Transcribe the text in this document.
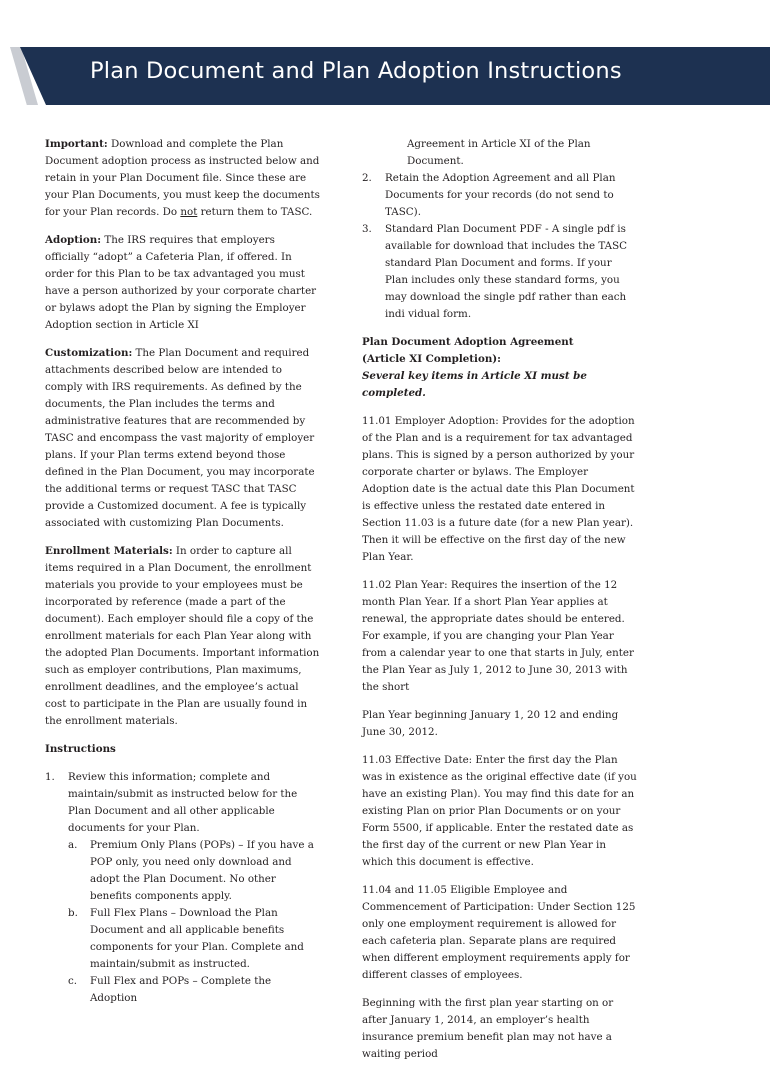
Plan Document and Plan Adoption Instructions

Important: Download and complete the Plan Document adoption process as instructed below and retain in your Plan Document file. Since these are your Plan Documents, you must keep the documents for your Plan records. Do not return them to TASC.

Adoption: The IRS requires that employers officially “adopt” a Cafeteria Plan, if offered. In order for this Plan to be tax advantaged you must have a person authorized by your corporate charter or bylaws adopt the Plan by signing the Employer Adoption section in Article XI

Customization: The Plan Document and required attachments described below are intended to comply with IRS requirements. As defined by the documents, the Plan includes the terms and administrative features that are recommended by TASC and encompass the vast majority of employer plans. If your Plan terms extend beyond those defined in the Plan Document, you may incorporate the additional terms or request TASC that TASC provide a Customized document. A fee is typically associated with customizing Plan Documents.

Enrollment Materials: In order to capture all items required in a Plan Document, the enrollment materials you provide to your employees must be incorporated by reference (made a part of the document). Each employer should file a copy of the enrollment materials for each Plan Year along with the adopted Plan Documents. Important information such as employer contributions, Plan maximums, enrollment deadlines, and the employee’s actual cost to participate in the Plan are usually found in the enrollment materials.

Instructions
1. Review this information; complete and maintain/submit as instructed below for the Plan Document and all other applicable documents for your Plan.
a. Premium Only Plans (POPs) – If you have a POP only, you need only download and adopt the Plan Document. No other benefits components apply.
b. Full Flex Plans – Download the Plan Document and all applicable benefits components for your Plan. Complete and maintain/submit as instructed.
c. Full Flex and POPs – Complete the Adoption

Agreement in Article XI of the Plan Document.

2. Retain the Adoption Agreement and all Plan Documents for your records (do not send to TASC).
3. Standard Plan Document PDF - A single pdf is available for download that includes the TASC standard Plan Document and forms. If your Plan includes only these standard forms, you may download the single pdf rather than each indi vidual form.

Plan Document Adoption Agreement
(Article XI Completion):
Several key items in Article XI must be completed.

11.01 Employer Adoption: Provides for the adoption of the Plan and is a requirement for tax advantaged plans. This is signed by a person authorized by your corporate charter or bylaws. The Employer Adoption date is the actual date this Plan Document is effective unless the restated date entered in Section 11.03 is a future date (for a new Plan year). Then it will be effective on the first day of the new Plan Year.

11.02 Plan Year: Requires the insertion of the 12 month Plan Year. If a short Plan Year applies at renewal, the appropriate dates should be entered. For example, if you are changing your Plan Year from a calendar year to one that starts in July, enter the Plan Year as July 1, 2012 to June 30, 2013 with the short

Plan Year beginning January 1, 20 12 and ending June 30, 2012.

11.03 Effective Date: Enter the first day the Plan was in existence as the original effective date (if you have an existing Plan). You may find this date for an existing Plan on prior Plan Documents or on your Form 5500, if applicable. Enter the restated date as the first day of the current or new Plan Year in which this document is effective.

11.04 and 11.05 Eligible Employee and Commencement of Participation: Under Section 125 only one employment requirement is allowed for each cafeteria plan. Separate plans are required when different employment requirements apply for different classes of employees.

Beginning with the first plan year starting on or after January 1, 2014, an employer’s health insurance premium benefit plan may not have a waiting period
